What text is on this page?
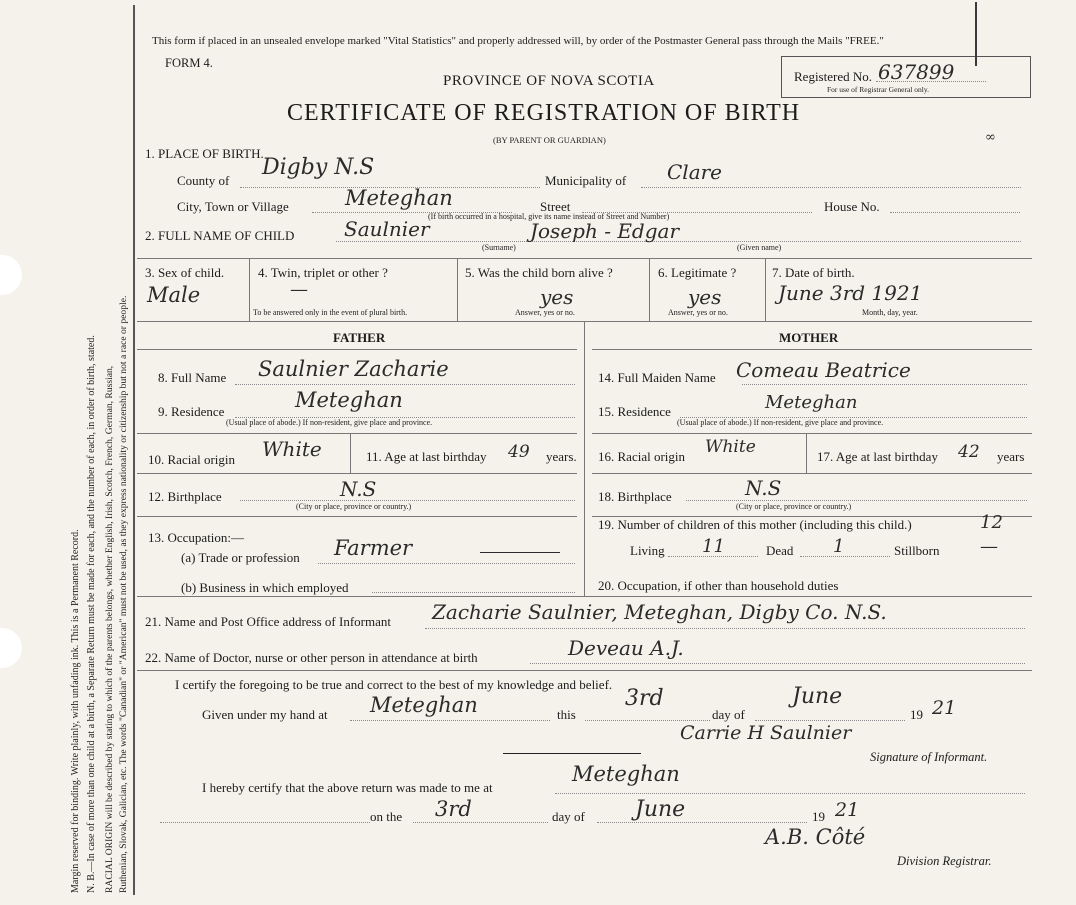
Margin reserved for binding. Write plainly, with unfading ink. This is a Permanent Record. N. B.—In case of more than one child at a birth, a Separate Return must be made for each, and the number of each, in order of birth, stated. RACIAL ORIGIN will be described by stating to which of the parents belongs, whether English, Irish, Scotch, French, German, Russian, Ruthenian, Slovak, Galician, etc. The words "Canadian" or "American" must not be used, as they express nationality or citizenship but not a race or people.
This form if placed in an unsealed envelope marked "Vital Statistics" and properly addressed will, by order of the Postmaster General pass through the Mails "FREE."
FORM 4.
PROVINCE OF NOVA SCOTIA
CERTIFICATE OF REGISTRATION OF BIRTH
(BY PARENT OR GUARDIAN)
Registered No. 637899
For use of Registrar General only.
∞
1. PLACE OF BIRTH.
County of
Digby N.S
Municipality of Clare
City, Town or Village	Meteghan	Street	House No.
(If birth occurred in a hospital, give its name instead of Street and Number)
2. FULL NAME OF CHILD Saulnier	Joseph - Edgar
(Surname)	(Given name)
3. Sex of child.
Male
4. Twin, triplet or other ?
—
To be answered only in the event of plural birth.
5. Was the child born alive ?
yes
Answer, yes or no.
6. Legitimate ?
yes
Answer, yes or no.
7. Date of birth.
June 3rd 1921
Month, day, year.
FATHER	MOTHER
8. Full Name Saulnier Zacharie
9. Residence	Meteghan
(Usual place of abode.) If non-resident, give place and province.
10. Racial origin White	11. Age at last birthday 49 years.
12. Birthplace	N.S
(City or place, province or country.)
13. Occupation:—
(a) Trade or profession Farmer
(b) Business in which employed
14. Full Maiden Name Comeau Beatrice
15. Residence	Meteghan
(Usual place of abode.) If non-resident, give place and province.
16. Racial origin White	17. Age at last birthday 42 years
18. Birthplace	N.S
(City or place, province or country.)
19. Number of children of this mother (including this child.)	12
Living 11	Dead 1	Stillborn —
20. Occupation, if other than household duties
21. Name and Post Office address of Informant Zacharie Saulnier, Meteghan, Digby Co. N.S.
22. Name of Doctor, nurse or other person in attendance at birth	Deveau A.J.
I certify the foregoing to be true and correct to the best of my knowledge and belief.
Given under my hand at Meteghan	this
3rd
day of
June
19 21
Carrie H Saulnier
Signature of Informant.
I hereby certify that the above return was made to me at
Meteghan
on the 3rd	day of June	19 21
A.B. Côté
Division Registrar.
